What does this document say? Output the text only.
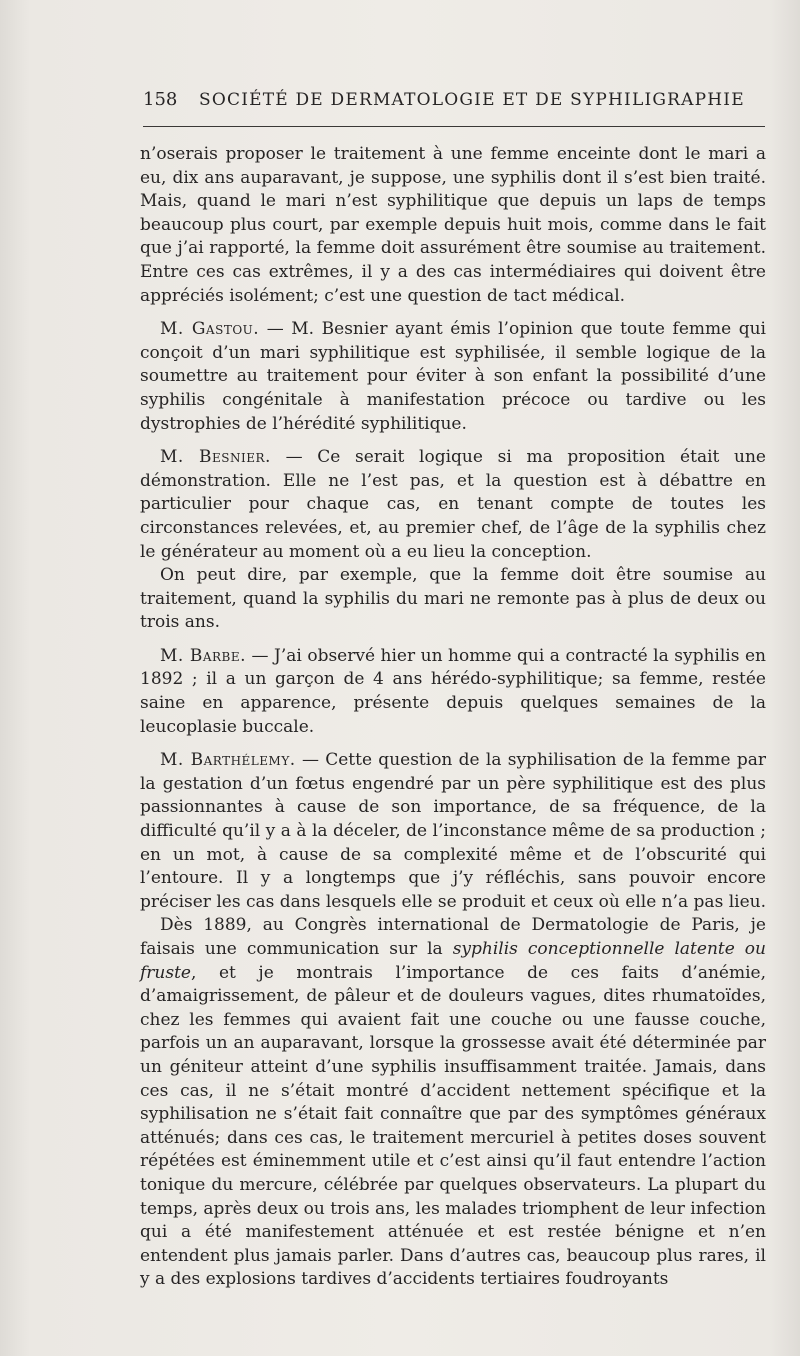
158 SOCIÉTÉ DE DERMATOLOGIE ET DE SYPHILIGRAPHIE

n’oserais proposer le traitement à une femme enceinte dont le mari a eu, dix ans auparavant, je suppose, une syphilis dont il s’est bien traité. Mais, quand le mari n’est syphilitique que depuis un laps de temps beaucoup plus court, par exemple depuis huit mois, comme dans le fait que j’ai rapporté, la femme doit assurément être soumise au traitement. Entre ces cas extrêmes, il y a des cas intermédiaires qui doivent être appréciés isolément; c’est une question de tact médical.

M. Gastou. — M. Besnier ayant émis l’opinion que toute femme qui conçoit d’un mari syphilitique est syphilisée, il semble logique de la soumettre au traitement pour éviter à son enfant la possibilité d’une syphilis congénitale à manifestation précoce ou tardive ou les dystrophies de l’hérédité syphilitique.

M. Besnier. — Ce serait logique si ma proposition était une démonstration. Elle ne l’est pas, et la question est à débattre en particulier pour chaque cas, en tenant compte de toutes les circonstances relevées, et, au premier chef, de l’âge de la syphilis chez le générateur au moment où a eu lieu la conception.

On peut dire, par exemple, que la femme doit être soumise au traitement, quand la syphilis du mari ne remonte pas à plus de deux ou trois ans.

M. Barbe. — J’ai observé hier un homme qui a contracté la syphilis en 1892 ; il a un garçon de 4 ans hérédo-syphilitique; sa femme, restée saine en apparence, présente depuis quelques semaines de la leucoplasie buccale.

M. Barthélemy. — Cette question de la syphilisation de la femme par la gestation d’un fœtus engendré par un père syphilitique est des plus passionnantes à cause de son importance, de sa fréquence, de la difficulté qu’il y a à la déceler, de l’inconstance même de sa production ; en un mot, à cause de sa complexité même et de l’obscurité qui l’entoure. Il y a longtemps que j’y réfléchis, sans pouvoir encore préciser les cas dans lesquels elle se produit et ceux où elle n’a pas lieu.

Dès 1889, au Congrès international de Dermatologie de Paris, je faisais une communication sur la syphilis conceptionnelle latente ou fruste, et je montrais l’importance de ces faits d’anémie, d’amaigrissement, de pâleur et de douleurs vagues, dites rhumatoïdes, chez les femmes qui avaient fait une couche ou une fausse couche, parfois un an auparavant, lorsque la grossesse avait été déterminée par un géniteur atteint d’une syphilis insuffisamment traitée. Jamais, dans ces cas, il ne s’était montré d’accident nettement spécifique et la syphilisation ne s’était fait connaître que par des symptômes généraux atténués; dans ces cas, le traitement mercuriel à petites doses souvent répétées est éminemment utile et c’est ainsi qu’il faut entendre l’action tonique du mercure, célébrée par quelques observateurs. La plupart du temps, après deux ou trois ans, les malades triomphent de leur infection qui a été manifestement atténuée et est restée bénigne et n’en entendent plus jamais parler. Dans d’autres cas, beaucoup plus rares, il y a des explosions tardives d’accidents tertiaires foudroyants
